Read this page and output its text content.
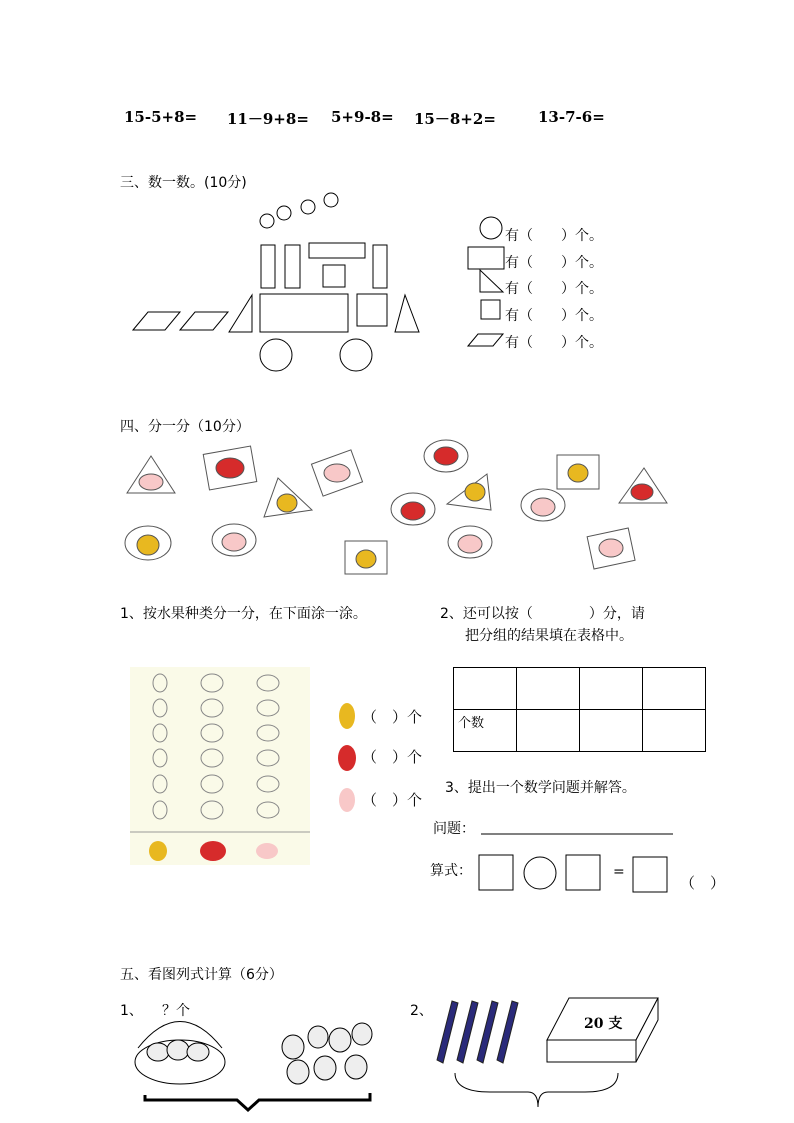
15-5+8= 11－9+8= 5+9-8= 15－8+2=	13-7-6=
三、数一数。(10分)
有（　　）个。
有（　　）个。
有（　　）个。
有（　　）个。
有（　　）个。
四、分一分（10分）
1、按水果种类分一分，在下面涂一涂。	2、还可以按（　　　　）分，请
把分组的结果填在表格中。
（　）个
（　）个
（　）个

个数			
3、提出一个数学问题并解答。
问题：
算式：	=
（　）
五、看图列式计算（6分）
1、 ？个	2、
20 支
